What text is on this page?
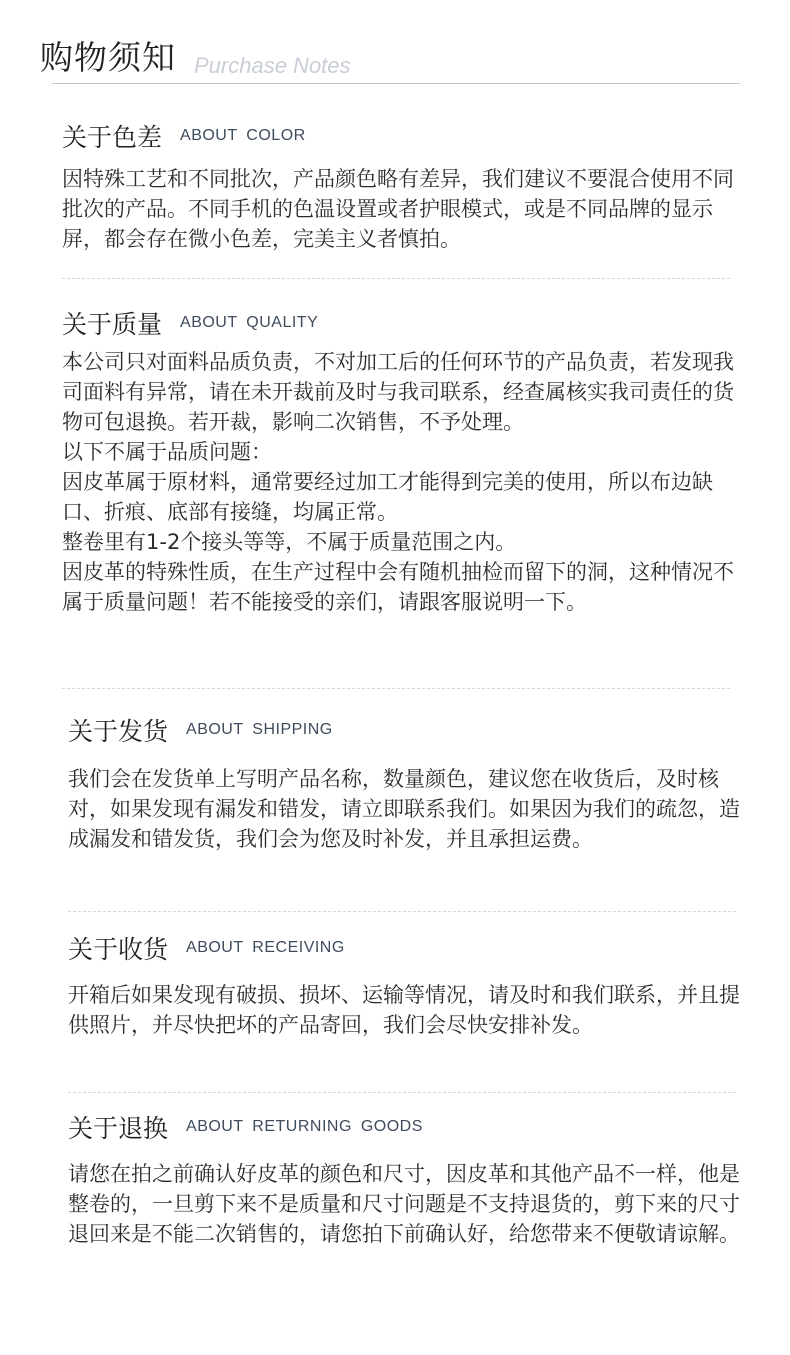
购物须知 Purchase Notes
关于色差 ABOUT COLOR

因特殊工艺和不同批次，产品颜色略有差异，我们建议不要混合使用不同批次的产品。不同手机的色温设置或者护眼模式，或是不同品牌的显示屏，都会存在微小色差，完美主义者慎拍。

关于质量 ABOUT QUALITY

本公司只对面料品质负责，不对加工后的任何环节的产品负责，若发现我司面料有异常，请在未开裁前及时与我司联系，经查属核实我司责任的货物可包退换。若开裁，影响二次销售，不予处理。

以下不属于品质问题：

因皮革属于原材料，通常要经过加工才能得到完美的使用，所以布边缺口、折痕、底部有接缝，均属正常。

整卷里有1-2个接头等等，不属于质量范围之内。

因皮革的特殊性质，在生产过程中会有随机抽检而留下的洞，这种情况不属于质量问题！若不能接受的亲们，请跟客服说明一下。

关于发货 ABOUT SHIPPING

我们会在发货单上写明产品名称，数量颜色，建议您在收货后，及时核对，如果发现有漏发和错发，请立即联系我们。如果因为我们的疏忽，造成漏发和错发货，我们会为您及时补发，并且承担运费。

关于收货 ABOUT RECEIVING

开箱后如果发现有破损、损坏、运输等情况，请及时和我们联系，并且提供照片，并尽快把坏的产品寄回，我们会尽快安排补发。

关于退换 ABOUT RETURNING GOODS

请您在拍之前确认好皮革的颜色和尺寸，因皮革和其他产品不一样，他是整卷的，一旦剪下来不是质量和尺寸问题是不支持退货的，剪下来的尺寸退回来是不能二次销售的，请您拍下前确认好，给您带来不便敬请谅解。
